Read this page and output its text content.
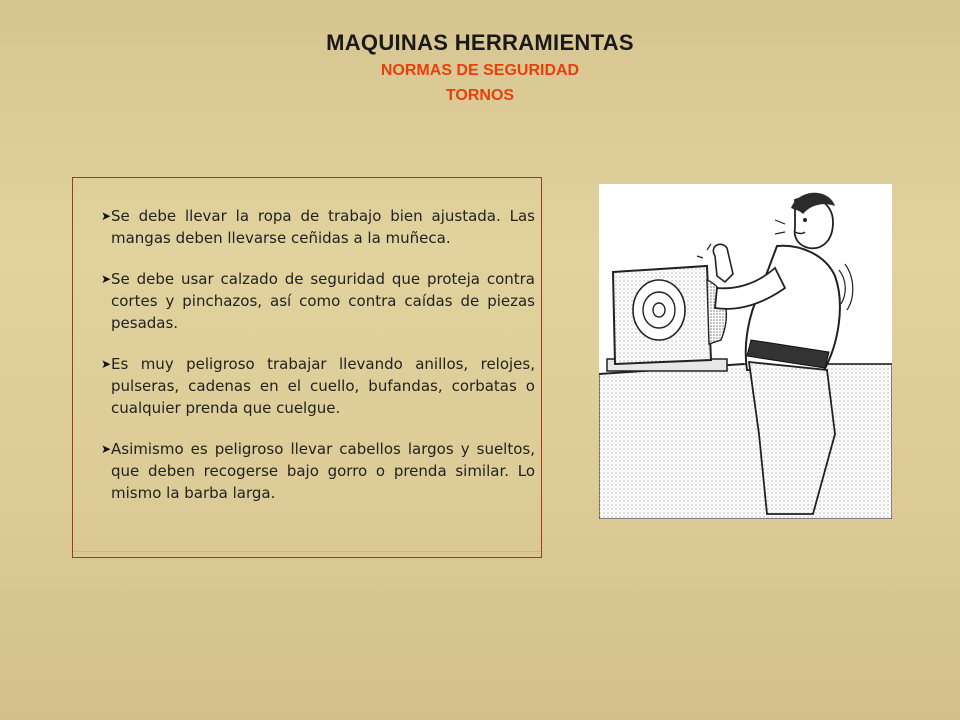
MAQUINAS HERRAMIENTAS
NORMAS DE SEGURIDAD
TORNOS
➤Se debe llevar la ropa de trabajo bien ajustada. Las mangas deben llevarse ceñidas a la muñeca.
➤Se debe usar calzado de seguridad que proteja contra cortes y pinchazos, así como contra caídas de piezas pesadas.
➤Es muy peligroso trabajar llevando anillos, relojes, pulseras, cadenas en el cuello, bufandas, corbatas o cualquier prenda que cuelgue.
➤Asimismo es peligroso llevar cabellos largos y sueltos, que deben recogerse bajo gorro o prenda similar. Lo mismo la barba larga.
